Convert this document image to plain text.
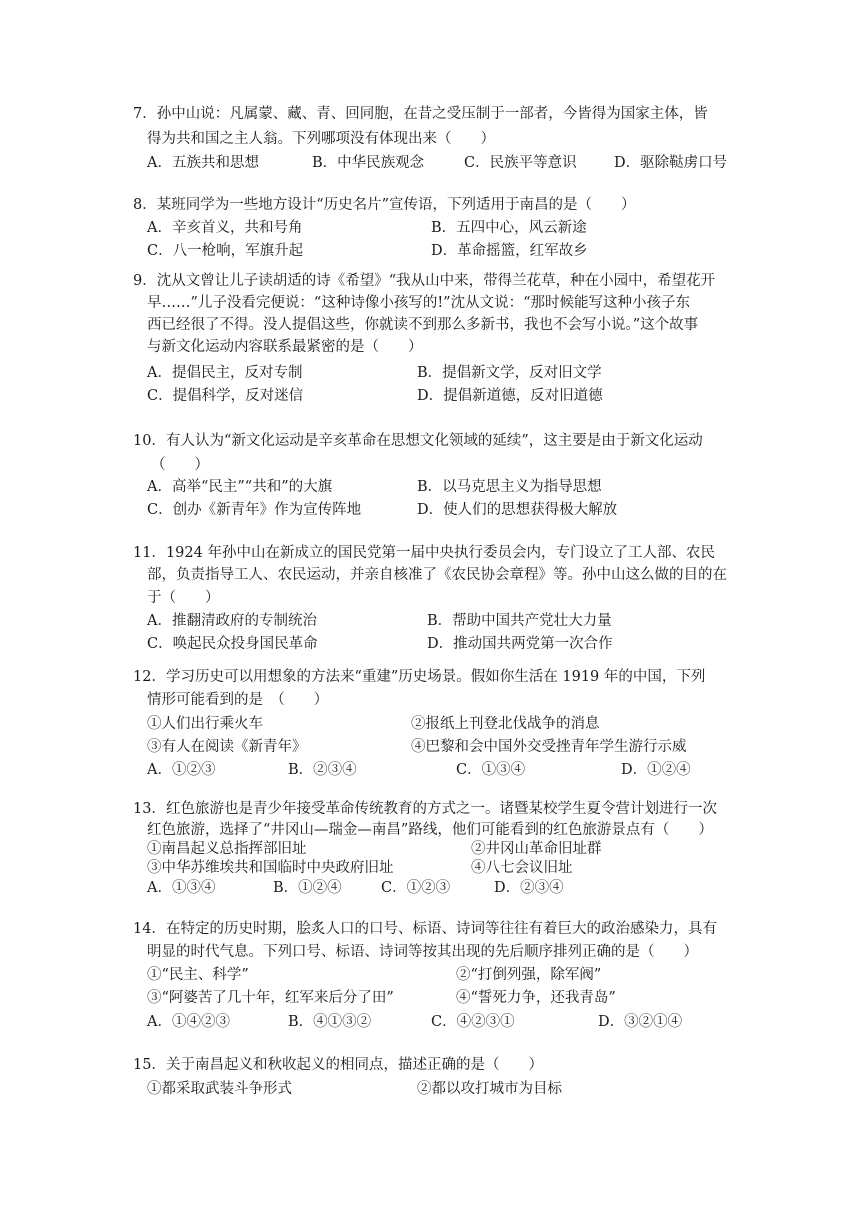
7．孙中山说：凡属蒙、藏、青、回同胞，在昔之受压制于一部者，今皆得为国家主体，皆
得为共和国之主人翁。下列哪项没有体现出来（　　）
A．五族共和思想	B．中华民族观念	C．民族平等意识	D．驱除鞑虏口号
8．某班同学为一些地方设计“历史名片”宣传语，下列适用于南昌的是（　　）
A．辛亥首义，共和号角	B．五四中心，风云新途
C．八一枪响，军旗升起	D．革命摇篮，红军故乡
9．沈从文曾让儿子读胡适的诗《希望》“我从山中来，带得兰花草，种在小园中，希望花开
早……”儿子没看完便说：“这种诗像小孩写的!”沈从文说：“那时候能写这种小孩子东
西已经很了不得。没人提倡这些，你就读不到那么多新书，我也不会写小说。”这个故事
与新文化运动内容联系最紧密的是（　　）
A．提倡民主，反对专制	B．提倡新文学，反对旧文学
C．提倡科学，反对迷信	D．提倡新道德，反对旧道德
10．有人认为“新文化运动是辛亥革命在思想文化领域的延续”，这主要是由于新文化运动
（　　）
A．高举“民主”“共和”的大旗	B．以马克思主义为指导思想
C．创办《新青年》作为宣传阵地	D．使人们的思想获得极大解放
11．1924 年孙中山在新成立的国民党第一届中央执行委员会内，专门设立了工人部、农民
部，负责指导工人、农民运动，并亲自核准了《农民协会章程》等。孙中山这么做的目的在
于（　　）
A．推翻清政府的专制统治	B．帮助中国共产党壮大力量
C．唤起民众投身国民革命	D．推动国共两党第一次合作
12．学习历史可以用想象的方法来“重建”历史场景。假如你生活在 1919 年的中国，下列
情形可能看到的是　（　　）
①人们出行乘火车	②报纸上刊登北伐战争的消息
③有人在阅读《新青年》	④巴黎和会中国外交受挫青年学生游行示威
A．①②③	B．②③④	C．①③④	D．①②④
13．红色旅游也是青少年接受革命传统教育的方式之一。诸暨某校学生夏令营计划进行一次
红色旅游，选择了“井冈山—瑞金—南昌”路线，他们可能看到的红色旅游景点有（　　）
①南昌起义总指挥部旧址	②井冈山革命旧址群
③中华苏维埃共和国临时中央政府旧址	④八七会议旧址
A．①③④	B．①②④	C．①②③	D．②③④
14．在特定的历史时期，脍炙人口的口号、标语、诗词等往往有着巨大的政治感染力，具有
明显的时代气息。下列口号、标语、诗词等按其出现的先后顺序排列正确的是（　　）
①“民主、科学”	②“打倒列强，除军阀”
③“阿婆苦了几十年，红军来后分了田”	④“誓死力争，还我青岛”
A．①④②③	B．④①③②	C．④②③①	D．③②①④
15．关于南昌起义和秋收起义的相同点，描述正确的是（　　）
①都采取武装斗争形式	②都以攻打城市为目标
